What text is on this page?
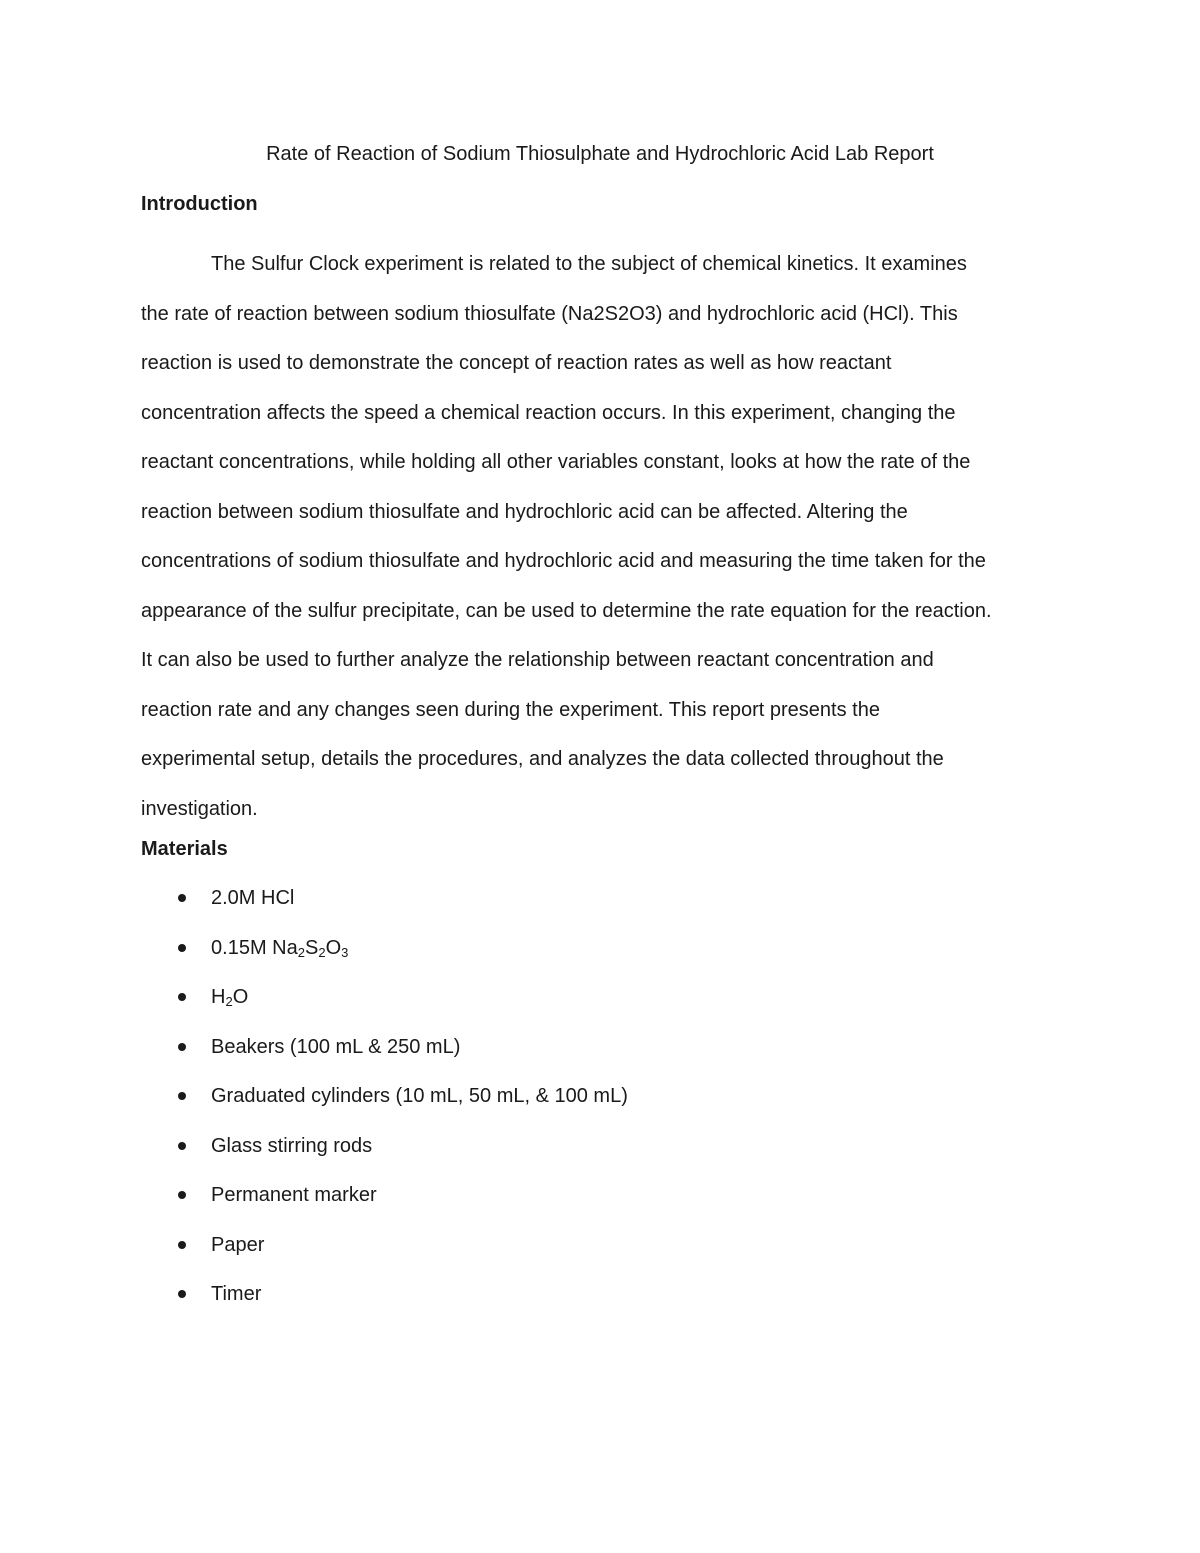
Rate of Reaction of Sodium Thiosulphate and Hydrochloric Acid Lab Report
Introduction
The Sulfur Clock experiment is related to the subject of chemical kinetics. It examines
the rate of reaction between sodium thiosulfate (Na2S2O3) and hydrochloric acid (HCl). This
reaction is used to demonstrate the concept of reaction rates as well as how reactant
concentration affects the speed a chemical reaction occurs. In this experiment, changing the
reactant concentrations, while holding all other variables constant, looks at how the rate of the
reaction between sodium thiosulfate and hydrochloric acid can be affected. Altering the
concentrations of sodium thiosulfate and hydrochloric acid and measuring the time taken for the
appearance of the sulfur precipitate, can be used to determine the rate equation for the reaction.
It can also be used to further analyze the relationship between reactant concentration and
reaction rate and any changes seen during the experiment. This report presents the
experimental setup, details the procedures, and analyzes the data collected throughout the
investigation.
Materials
2.0M HCl
0.15M $Na_2S_2O_3$
$H_2O$
Beakers (100 mL & 250 mL)
Graduated cylinders (10 mL, 50 mL, & 100 mL)
Glass stirring rods
Permanent marker
Paper
Timer
